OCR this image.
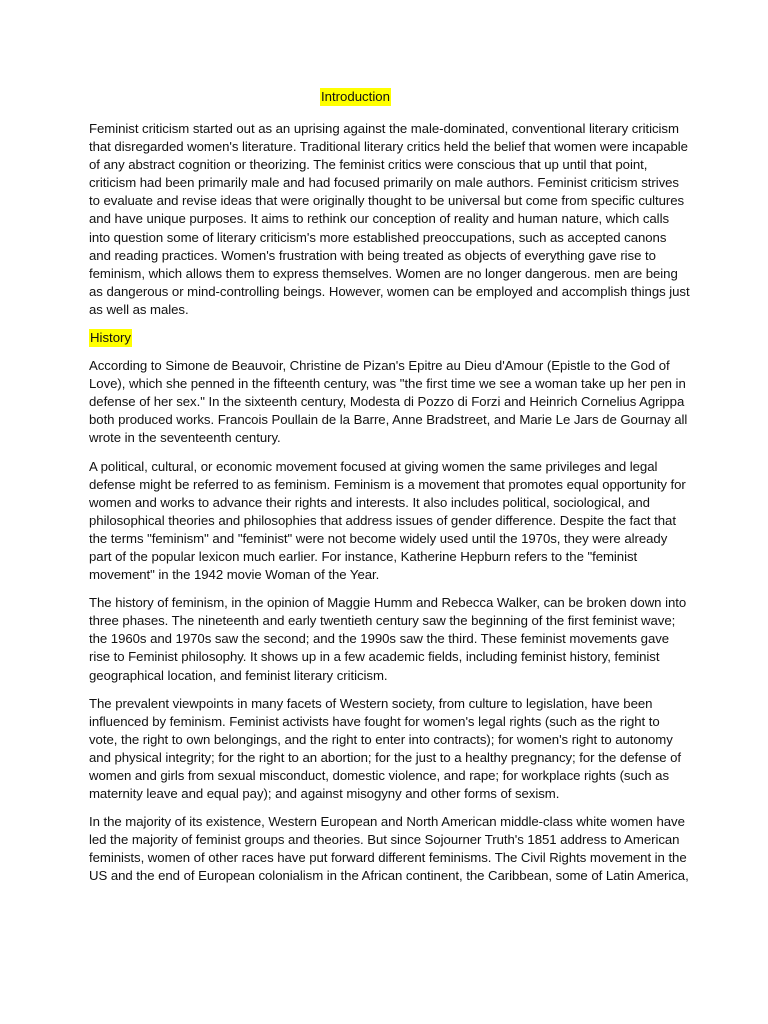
Introduction

Feminist criticism started out as an uprising against the male-dominated, conventional literary criticism that disregarded women's literature. Traditional literary critics held the belief that women were incapable of any abstract cognition or theorizing. The feminist critics were conscious that up until that point, criticism had been primarily male and had focused primarily on male authors. Feminist criticism strives to evaluate and revise ideas that were originally thought to be universal but come from specific cultures and have unique purposes. It aims to rethink our conception of reality and human nature, which calls into question some of literary criticism's more established preoccupations, such as accepted canons and reading practices. Women's frustration with being treated as objects of everything gave rise to feminism, which allows them to express themselves. Women are no longer dangerous. men are being as dangerous or mind-controlling beings. However, women can be employed and accomplish things just as well as males.

History

According to Simone de Beauvoir, Christine de Pizan's Epitre au Dieu d'Amour (Epistle to the God of Love), which she penned in the fifteenth century, was "the first time we see a woman take up her pen in defense of her sex." In the sixteenth century, Modesta di Pozzo di Forzi and Heinrich Cornelius Agrippa both produced works. Francois Poullain de la Barre, Anne Bradstreet, and Marie Le Jars de Gournay all wrote in the seventeenth century.

A political, cultural, or economic movement focused at giving women the same privileges and legal defense might be referred to as feminism. Feminism is a movement that promotes equal opportunity for women and works to advance their rights and interests. It also includes political, sociological, and philosophical theories and philosophies that address issues of gender difference. Despite the fact that the terms "feminism" and "feminist" were not become widely used until the 1970s, they were already part of the popular lexicon much earlier. For instance, Katherine Hepburn refers to the "feminist movement" in the 1942 movie Woman of the Year.

The history of feminism, in the opinion of Maggie Humm and Rebecca Walker, can be broken down into three phases. The nineteenth and early twentieth century saw the beginning of the first feminist wave; the 1960s and 1970s saw the second; and the 1990s saw the third. These feminist movements gave rise to Feminist philosophy. It shows up in a few academic fields, including feminist history, feminist geographical location, and feminist literary criticism.

The prevalent viewpoints in many facets of Western society, from culture to legislation, have been influenced by feminism. Feminist activists have fought for women's legal rights (such as the right to vote, the right to own belongings, and the right to enter into contracts); for women's right to autonomy and physical integrity; for the right to an abortion; for the just to a healthy pregnancy; for the defense of women and girls from sexual misconduct, domestic violence, and rape; for workplace rights (such as maternity leave and equal pay); and against misogyny and other forms of sexism.

In the majority of its existence, Western European and North American middle-class white women have led the majority of feminist groups and theories. But since Sojourner Truth's 1851 address to American feminists, women of other races have put forward different feminisms. The Civil Rights movement in the US and the end of European colonialism in the African continent, the Caribbean, some of Latin America,
